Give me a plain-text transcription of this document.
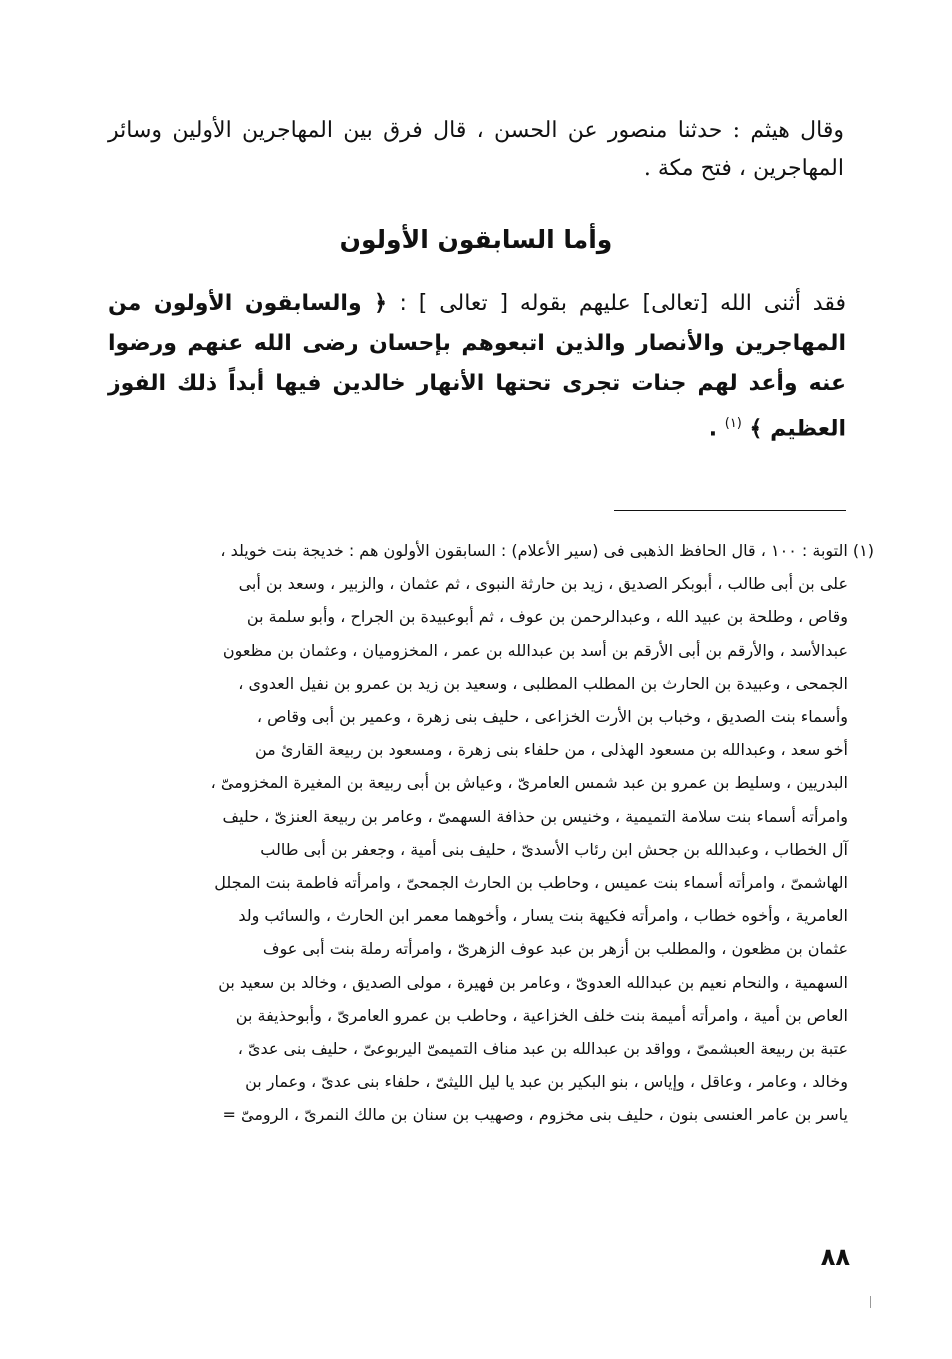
وقال هيثم : حدثنا منصور عن الحسن ، قال فرق بين المهاجرين الأولين وسائر المهاجرين ، فتح مكة .

وأما السابقون الأولون

فقد أثنى الله [تعالى] عليهم بقوله [ تعالى ] : ﴿ والسابقون الأولون من المهاجرين والأنصار والذين اتبعوهم بإحسان رضى الله عنهم ورضوا عنه وأعد لهم جنات تجرى تحتها الأنهار خالدين فيها أبداً ذلك الفوز العظيم ﴾ $^{(١)}$ .

(١) التوبة : ١٠٠ ، قال الحافظ الذهبى فى (سير الأعلام) : السابقون الأولون هم : خديجة بنت خويلد ،
على بن أبى طالب ، أبوبكر الصديق ، زيد بن حارثة النبوى ، ثم عثمان ، والزبير ، وسعد بن أبى
وقاص ، وطلحة بن عبيد الله ، وعبدالرحمن بن عوف ، ثم أبوعبيدة بن الجراح ، وأبو سلمة بن
عبدالأسد ، والأرقم بن أبى الأرقم بن أسد بن عبدالله بن عمر ، المخزوميان ، وعثمان بن مظعون
الجمحى ، وعبيدة بن الحارث بن المطلب المطلبى ، وسعيد بن زيد بن عمرو بن نفيل العدوى ،
وأسماء بنت الصديق ، وخباب بن الأرت الخزاعى ، حليف بنى زهرة ، وعمير بن أبى وقاص ،
أخو سعد ، وعبدالله بن مسعود الهذلى ، من حلفاء بنى زهرة ، ومسعود بن ربيعة القارئ من
البدريين ، وسليط بن عمرو بن عبد شمس العامرىّ ، وعياش بن أبى ربيعة بن المغيرة المخزومىّ ،
وامرأته أسماء بنت سلامة التميمية ، وخنيس بن حذافة السهمىّ ، وعامر بن ربيعة العنزىّ ، حليف
آل الخطاب ، وعبدالله بن جحش ابن رئاب الأسدىّ ، حليف بنى أمية ، وجعفر بن أبى طالب
الهاشمىّ ، وامرأته أسماء بنت عميس ، وحاطب بن الحارث الجمحىّ ، وامرأته فاطمة بنت المجلل
العامرية ، وأخوه خطاب ، وامرأته فكيهة بنت يسار ، وأخوهما معمر ابن الحارث ، والسائب ولد
عثمان بن مظعون ، والمطلب بن أزهر بن عبد عوف الزهرىّ ، وامرأته رملة بنت أبى عوف
السهمية ، والنحام نعيم بن عبدالله العدوىّ ، وعامر بن فهيرة ، مولى الصديق ، وخالد بن سعيد بن
العاص بن أمية ، وامرأته أميمة بنت خلف الخزاعية ، وحاطب بن عمرو العامرىّ ، وأبوحذيفة بن
عتبة بن ربيعة العبشمىّ ، وواقد بن عبدالله بن عبد مناف التميمىّ اليربوعىّ ، حليف بنى عدىّ ،
وخالد ، وعامر ، وعاقل ، وإياس ، بنو البكير بن عبد يا ليل الليثىّ ، حلفاء بنى عدىّ ، وعمار بن
ياسر بن عامر العنسى بنون ، حليف بنى مخزوم ، وصهيب بن سنان بن مالك النمرىّ ، الرومىّ =
٨٨
